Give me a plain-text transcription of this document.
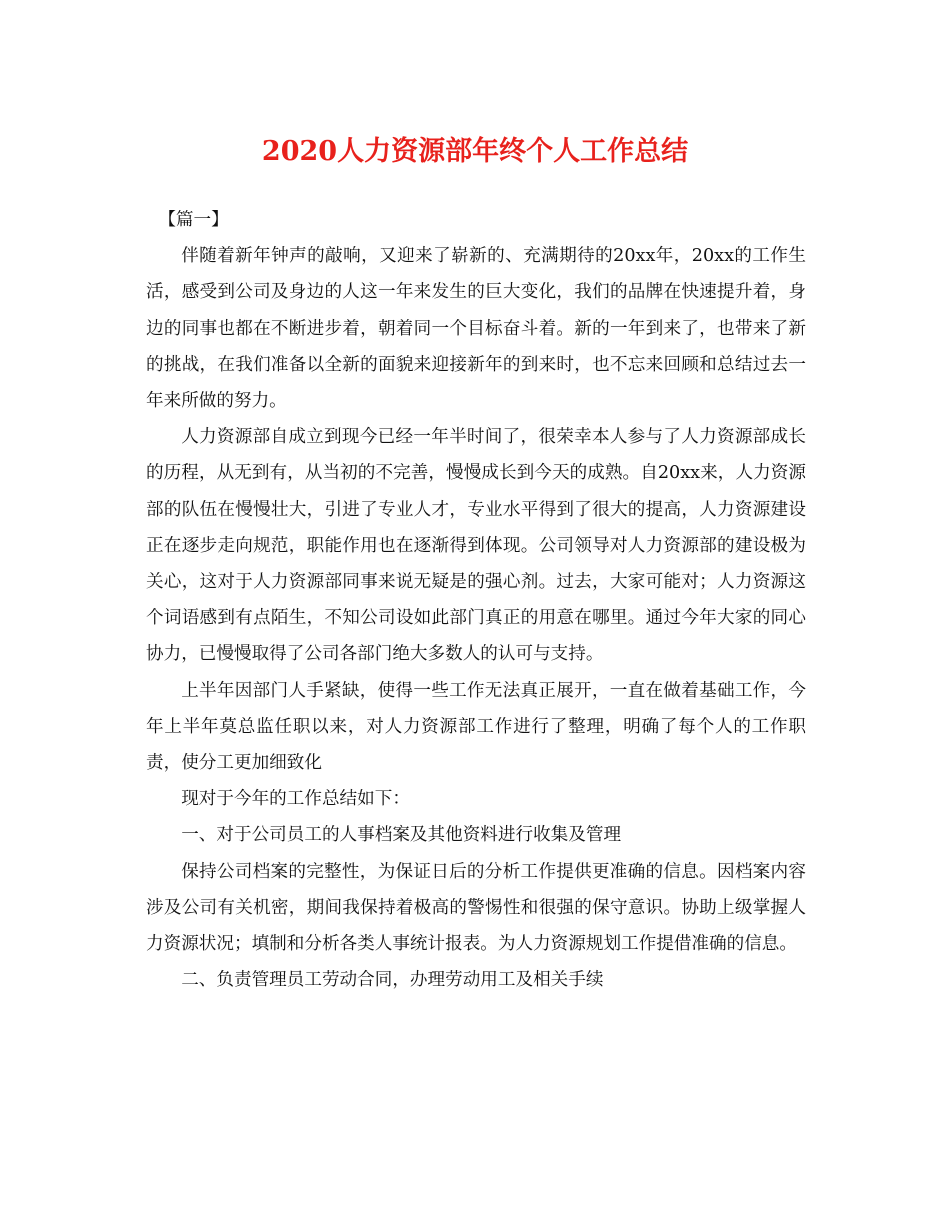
2020人力资源部年终个人工作总结

【篇一】

伴随着新年钟声的敲响，又迎来了崭新的、充满期待的20xx年，20xx的工作生活，感受到公司及身边的人这一年来发生的巨大变化，我们的品牌在快速提升着，身边的同事也都在不断进步着，朝着同一个目标奋斗着。新的一年到来了，也带来了新的挑战，在我们准备以全新的面貌来迎接新年的到来时，也不忘来回顾和总结过去一年来所做的努力。

人力资源部自成立到现今已经一年半时间了，很荣幸本人参与了人力资源部成长的历程，从无到有，从当初的不完善，慢慢成长到今天的成熟。自20xx来，人力资源部的队伍在慢慢壮大，引进了专业人才，专业水平得到了很大的提高，人力资源建设正在逐步走向规范，职能作用也在逐渐得到体现。公司领导对人力资源部的建设极为关心，这对于人力资源部同事来说无疑是的强心剂。过去，大家可能对；人力资源这个词语感到有点陌生，不知公司设如此部门真正的用意在哪里。通过今年大家的同心协力，已慢慢取得了公司各部门绝大多数人的认可与支持。

上半年因部门人手紧缺，使得一些工作无法真正展开，一直在做着基础工作，今年上半年莫总监任职以来，对人力资源部工作进行了整理，明确了每个人的工作职责，使分工更加细致化

现对于今年的工作总结如下：

一、对于公司员工的人事档案及其他资料进行收集及管理

保持公司档案的完整性，为保证日后的分析工作提供更准确的信息。因档案内容涉及公司有关机密，期间我保持着极高的警惕性和很强的保守意识。协助上级掌握人力资源状况；填制和分析各类人事统计报表。为人力资源规划工作提借准确的信息。

二、负责管理员工劳动合同，办理劳动用工及相关手续
